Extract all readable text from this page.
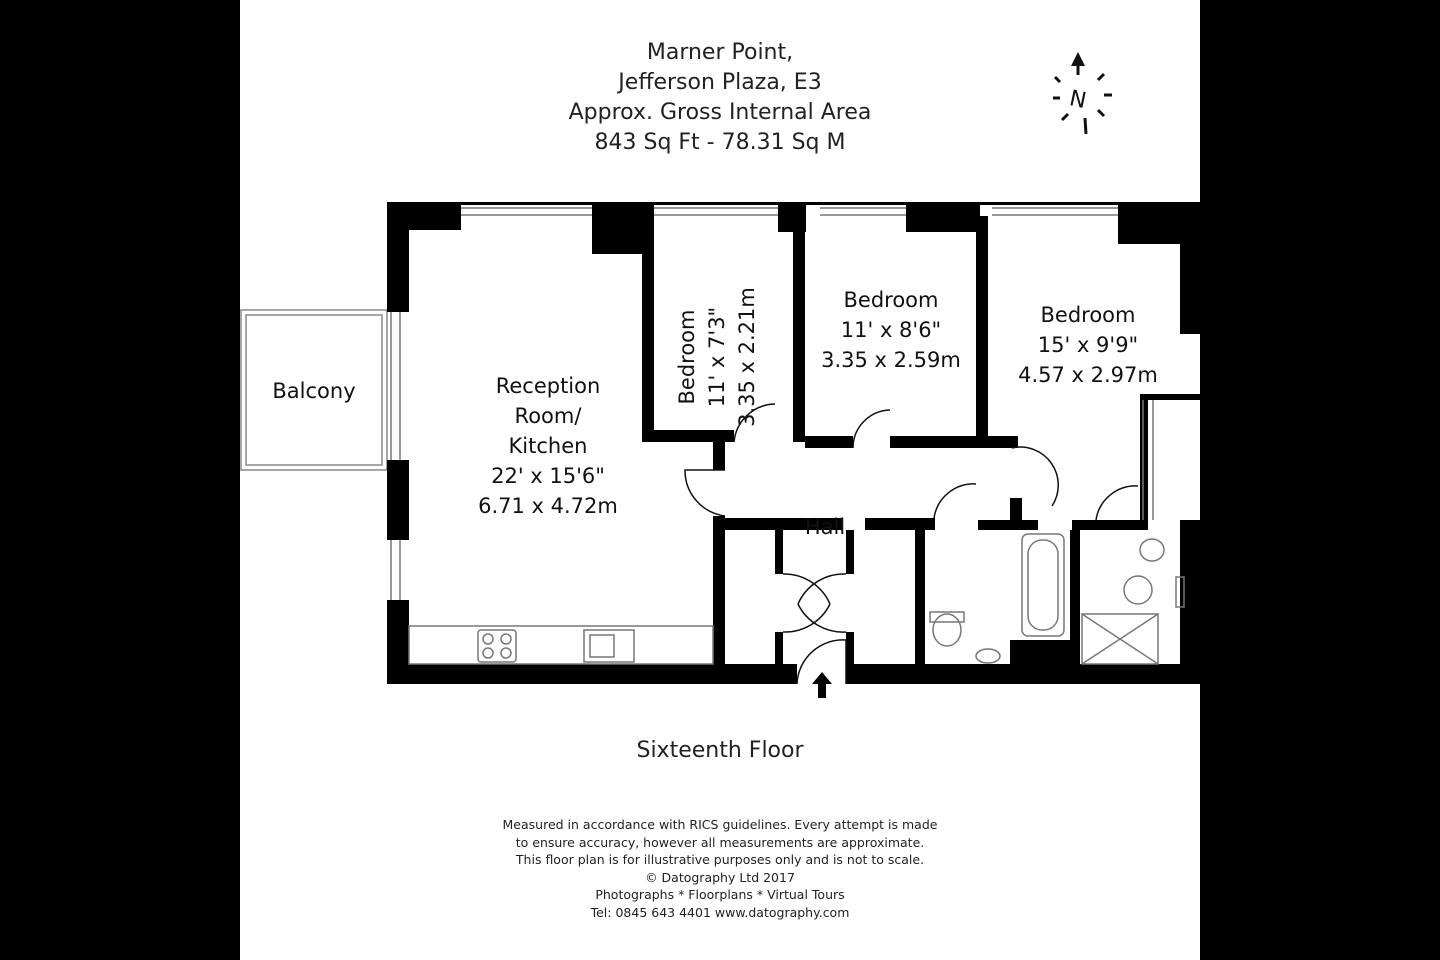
Marner Point,
Jefferson Plaza, E3
Approx. Gross Internal Area
843 Sq Ft - 78.31 Sq M
N
Balcony	Reception
Room/
Kitchen
22' x 15'6"
6.71 x 4.72m
Bedroom 11' x 7'3" 3.35 x 2.21m	Bedroom
11' x 8'6"
3.35 x 2.59m
Bedroom
15' x 9'9"
4.57 x 2.97m
Hall
Sixteenth Floor
Measured in accordance with RICS guidelines. Every attempt is made
to ensure accuracy, however all measurements are approximate.
This floor plan is for illustrative purposes only and is not to scale.
© Datography Ltd 2017
Photographs * Floorplans * Virtual Tours
Tel: 0845 643 4401 www.datography.com
